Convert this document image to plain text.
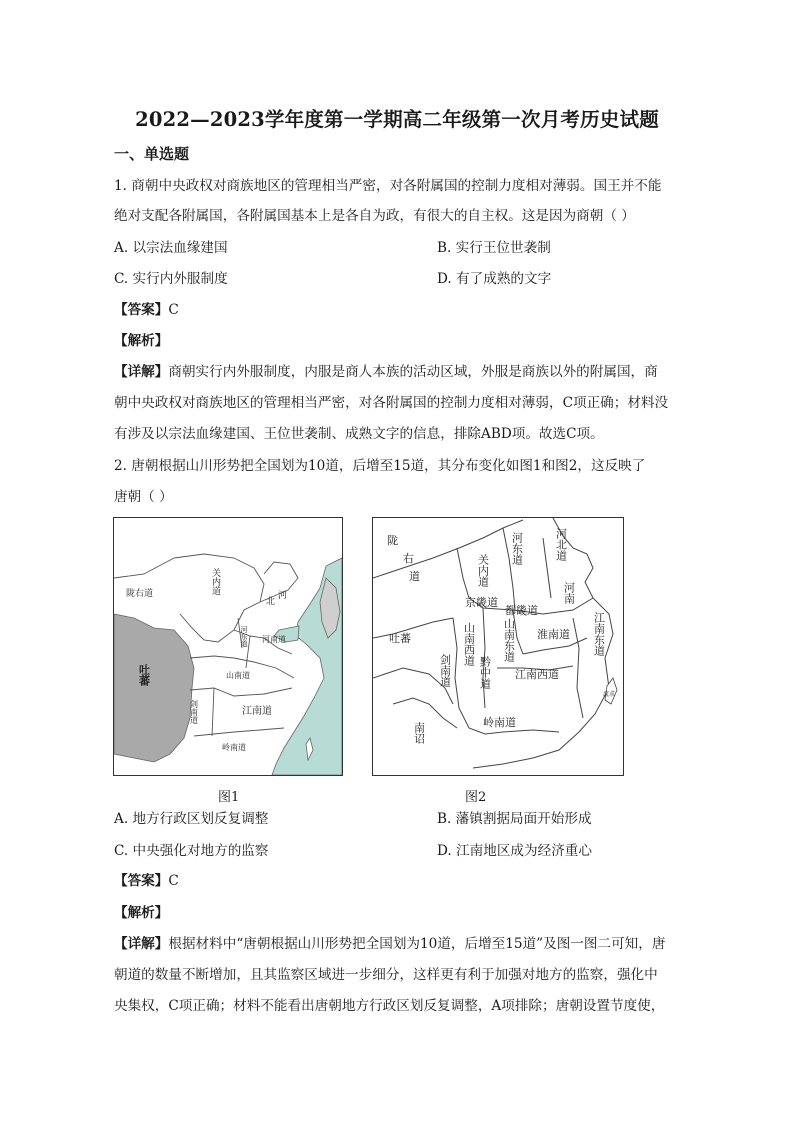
2022—2023学年度第一学期高二年级第一次月考历史试题
一、单选题
1. 商朝中央政权对商族地区的管理相当严密，对各附属国的控制力度相对薄弱。国王并不能
绝对支配各附属国，各附属国基本上是各自为政，有很大的自主权。这是因为商朝（ ）
A. 以宗法血缘建国	B. 实行王位世袭制
C. 实行内外服制度	D. 有了成熟的文字
【答案】C
【解析】
【详解】商朝实行内外服制度，内服是商人本族的活动区域，外服是商族以外的附属国，商
朝中央政权对商族地区的管理相当严密，对各附属国的控制力度相对薄弱，C项正确；材料没
有涉及以宗法血缘建国、王位世袭制、成熟文字的信息，排除ABD项。故选C项。
2. 唐朝根据山川形势把全国划为10道，后增至15道，其分布变化如图1和图2，这反映了
唐朝（ ）
关内道
陇右道	河
北
河东道 河南道
山南道
剑南道	江南道
岭南道
吐蕃
陇
右
道	关内道
河东道	河北道
河南
京畿道
都畿道
山南西道 山南东道 淮南道 江南东道
剑南道 黔中道 江南西道
岭南道
南诏
吐蕃
流求
图1	图2
A. 地方行政区划反复调整	B. 藩镇割据局面开始形成
C. 中央强化对地方的监察	D. 江南地区成为经济重心
【答案】C
【解析】
【详解】根据材料中“唐朝根据山川形势把全国划为10道，后增至15道”及图一图二可知，唐
朝道的数量不断增加，且其监察区域进一步细分，这样更有利于加强对地方的监察，强化中
央集权，C项正确；材料不能看出唐朝地方行政区划反复调整，A项排除；唐朝设置节度使，
